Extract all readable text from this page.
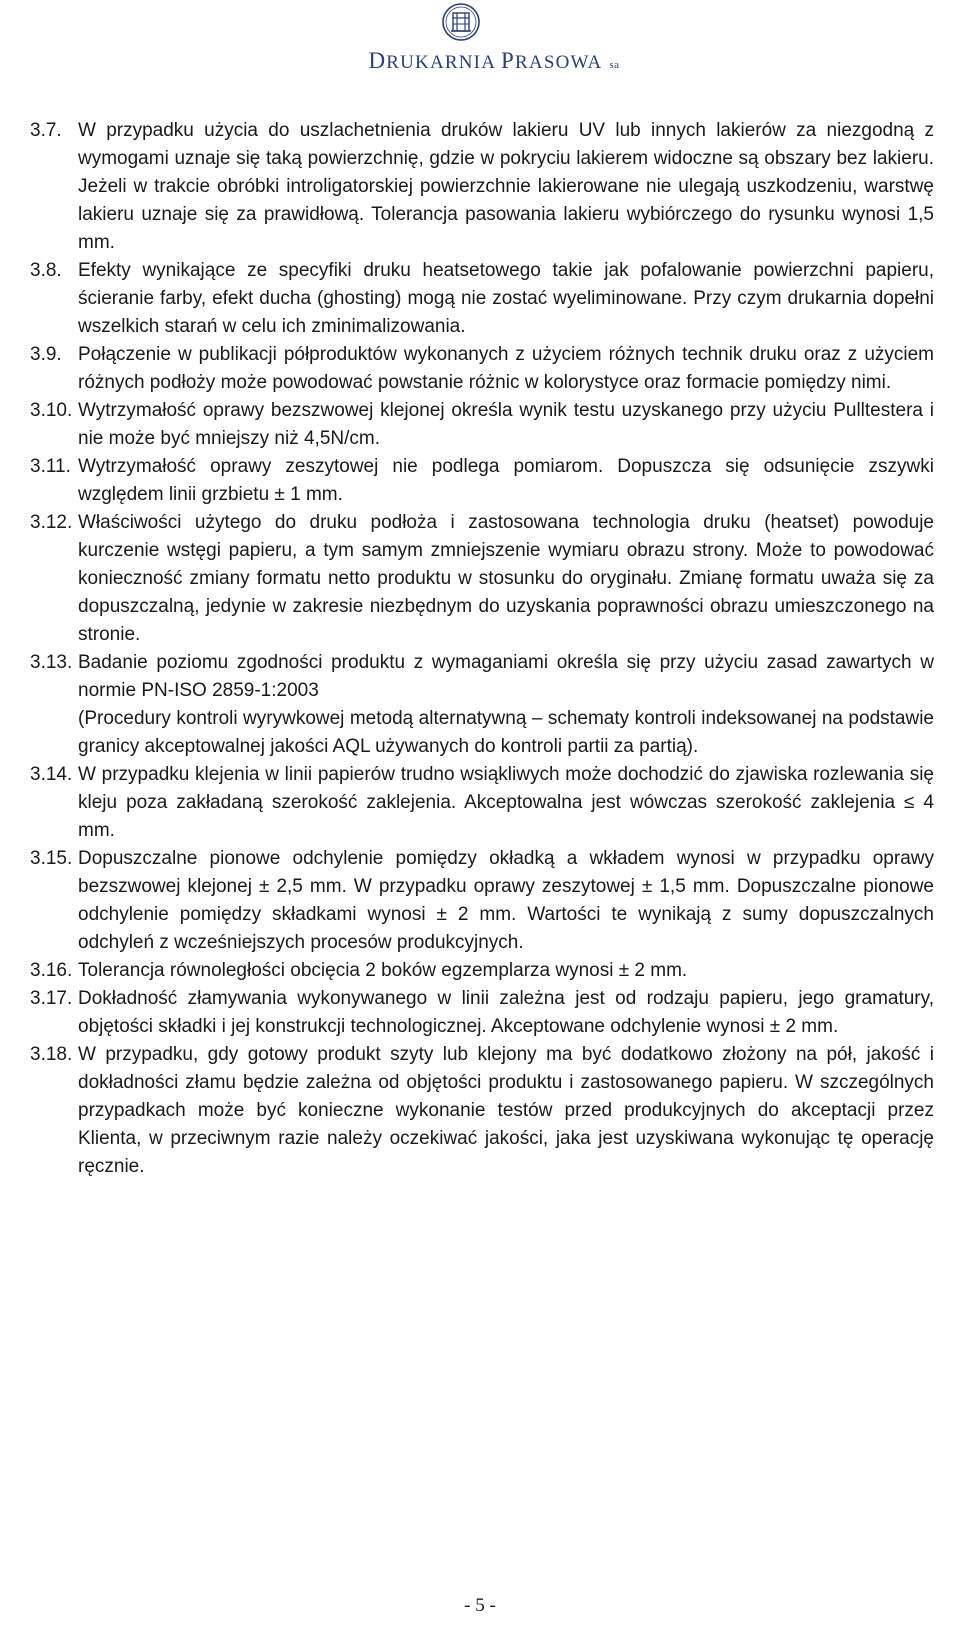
DRUKARNIA PRASOWA sa
3.7. W przypadku użycia do uszlachetnienia druków lakieru UV lub innych lakierów za niezgodną z wymogami uznaje się taką powierzchnię, gdzie w pokryciu lakierem widoczne są obszary bez lakieru. Jeżeli w trakcie obróbki introligatorskiej powierzchnie lakierowane nie ulegają uszkodzeniu, warstwę lakieru uznaje się za prawidłową. Tolerancja pasowania lakieru wybiórczego do rysunku wynosi 1,5 mm.
3.8. Efekty wynikające ze specyfiki druku heatsetowego takie jak pofalowanie powierzchni papieru, ścieranie farby, efekt ducha (ghosting) mogą nie zostać wyeliminowane. Przy czym drukarnia dopełni wszelkich starań w celu ich zminimalizowania.
3.9. Połączenie w publikacji półproduktów wykonanych z użyciem różnych technik druku oraz z użyciem różnych podłoży może powodować powstanie różnic w kolorystyce oraz formacie pomiędzy nimi.
3.10. Wytrzymałość oprawy bezszwowej klejonej określa wynik testu uzyskanego przy użyciu Pulltestera i nie może być mniejszy niż 4,5N/cm.
3.11. Wytrzymałość oprawy zeszytowej nie podlega pomiarom. Dopuszcza się odsunięcie zszywki względem linii grzbietu ± 1 mm.
3.12. Właściwości użytego do druku podłoża i zastosowana technologia druku (heatset) powoduje kurczenie wstęgi papieru, a tym samym zmniejszenie wymiaru obrazu strony. Może to powodować konieczność zmiany formatu netto produktu w stosunku do oryginału. Zmianę formatu uważa się za dopuszczalną, jedynie w zakresie niezbędnym do uzyskania poprawności obrazu umieszczonego na stronie.
3.13. Badanie poziomu zgodności produktu z wymaganiami określa się przy użyciu zasad zawartych w normie PN-ISO 2859-1:2003
(Procedury kontroli wyrywkowej metodą alternatywną – schematy kontroli indeksowanej na podstawie granicy akceptowalnej jakości AQL używanych do kontroli partii za partią).
3.14. W przypadku klejenia w linii papierów trudno wsiąkliwych może dochodzić do zjawiska rozlewania się kleju poza zakładaną szerokość zaklejenia. Akceptowalna jest wówczas szerokość zaklejenia ≤ 4 mm.
3.15. Dopuszczalne pionowe odchylenie pomiędzy okładką a wkładem wynosi w przypadku oprawy bezszwowej klejonej ± 2,5 mm. W przypadku oprawy zeszytowej ± 1,5 mm. Dopuszczalne pionowe odchylenie pomiędzy składkami wynosi ± 2 mm. Wartości te wynikają z sumy dopuszczalnych odchyleń z wcześniejszych procesów produkcyjnych.
3.16. Tolerancja równoległości obcięcia 2 boków egzemplarza wynosi ± 2 mm.
3.17. Dokładność złamywania wykonywanego w linii zależna jest od rodzaju papieru, jego gramatury, objętości składki i jej konstrukcji technologicznej. Akceptowane odchylenie wynosi ± 2 mm.
3.18. W przypadku, gdy gotowy produkt szyty lub klejony ma być dodatkowo złożony na pół, jakość i dokładności złamu będzie zależna od objętości produktu i zastosowanego papieru. W szczególnych przypadkach może być konieczne wykonanie testów przed produkcyjnych do akceptacji przez Klienta, w przeciwnym razie należy oczekiwać jakości, jaka jest uzyskiwana wykonując tę operację ręcznie.
- 5 -
